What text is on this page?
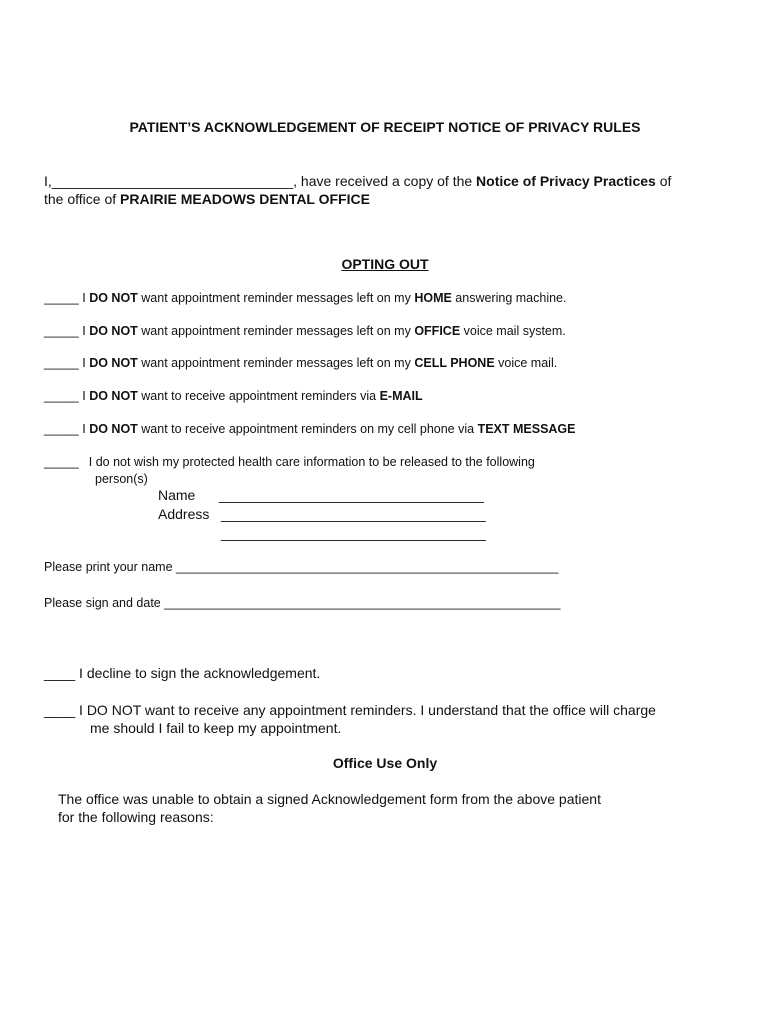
PATIENT’S ACKNOWLEDGEMENT OF RECEIPT NOTICE OF PRIVACY RULES
I,_______________________________, have received a copy of the Notice of Privacy Practices of
the office of PRAIRIE MEADOWS DENTAL OFFICE
OPTING OUT
_____ I DO NOT want appointment reminder messages left on my HOME answering machine.
_____ I DO NOT want appointment reminder messages left on my OFFICE voice mail system.
_____ I DO NOT want appointment reminder messages left on my CELL PHONE voice mail.
_____ I DO NOT want to receive appointment reminders via E-MAIL
_____ I DO NOT want to receive appointment reminders on my cell phone via TEXT MESSAGE
_____ I do not wish my protected health care information to be released to the following
person(s)
Name __________________________________
Address __________________________________
__________________________________
Please print your name _______________________________________________________
Please sign and date _________________________________________________________
____ I decline to sign the acknowledgement.
____ I DO NOT want to receive any appointment reminders. I understand that the office will charge
me should I fail to keep my appointment.
Office Use Only
The office was unable to obtain a signed Acknowledgement form from the above patient
for the following reasons:
